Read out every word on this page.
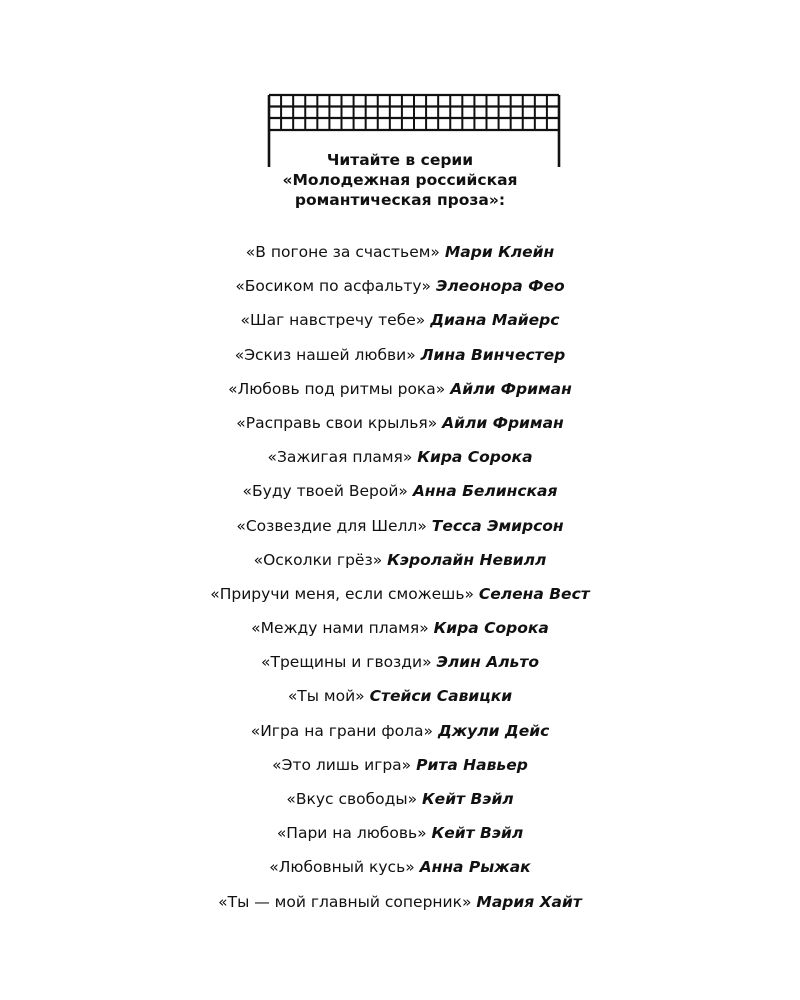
Читайте в серии
«Молодежная российская
романтическая проза»:
«В погоне за счастьем» Мари Клейн
«Босиком по асфальту» Элеонора Фео
«Шаг навстречу тебе» Диана Майерс
«Эскиз нашей любви» Лина Винчестер
«Любовь под ритмы рока» Айли Фриман
«Расправь свои крылья» Айли Фриман
«Зажигая пламя» Кира Сорока
«Буду твоей Верой» Анна Белинская
«Созвездие для Шелл» Тесса Эмирсон
«Осколки грёз» Кэролайн Невилл
«Приручи меня, если сможешь» Селена Вест
«Между нами пламя» Кира Сорока
«Трещины и гвозди» Элин Альто
«Ты мой» Стейси Савицки
«Игра на грани фола» Джули Дейс
«Это лишь игра» Рита Навьер
«Вкус свободы» Кейт Вэйл
«Пари на любовь» Кейт Вэйл
«Любовный кусь» Анна Рыжак
«Ты — мой главный соперник» Мария Хайт
